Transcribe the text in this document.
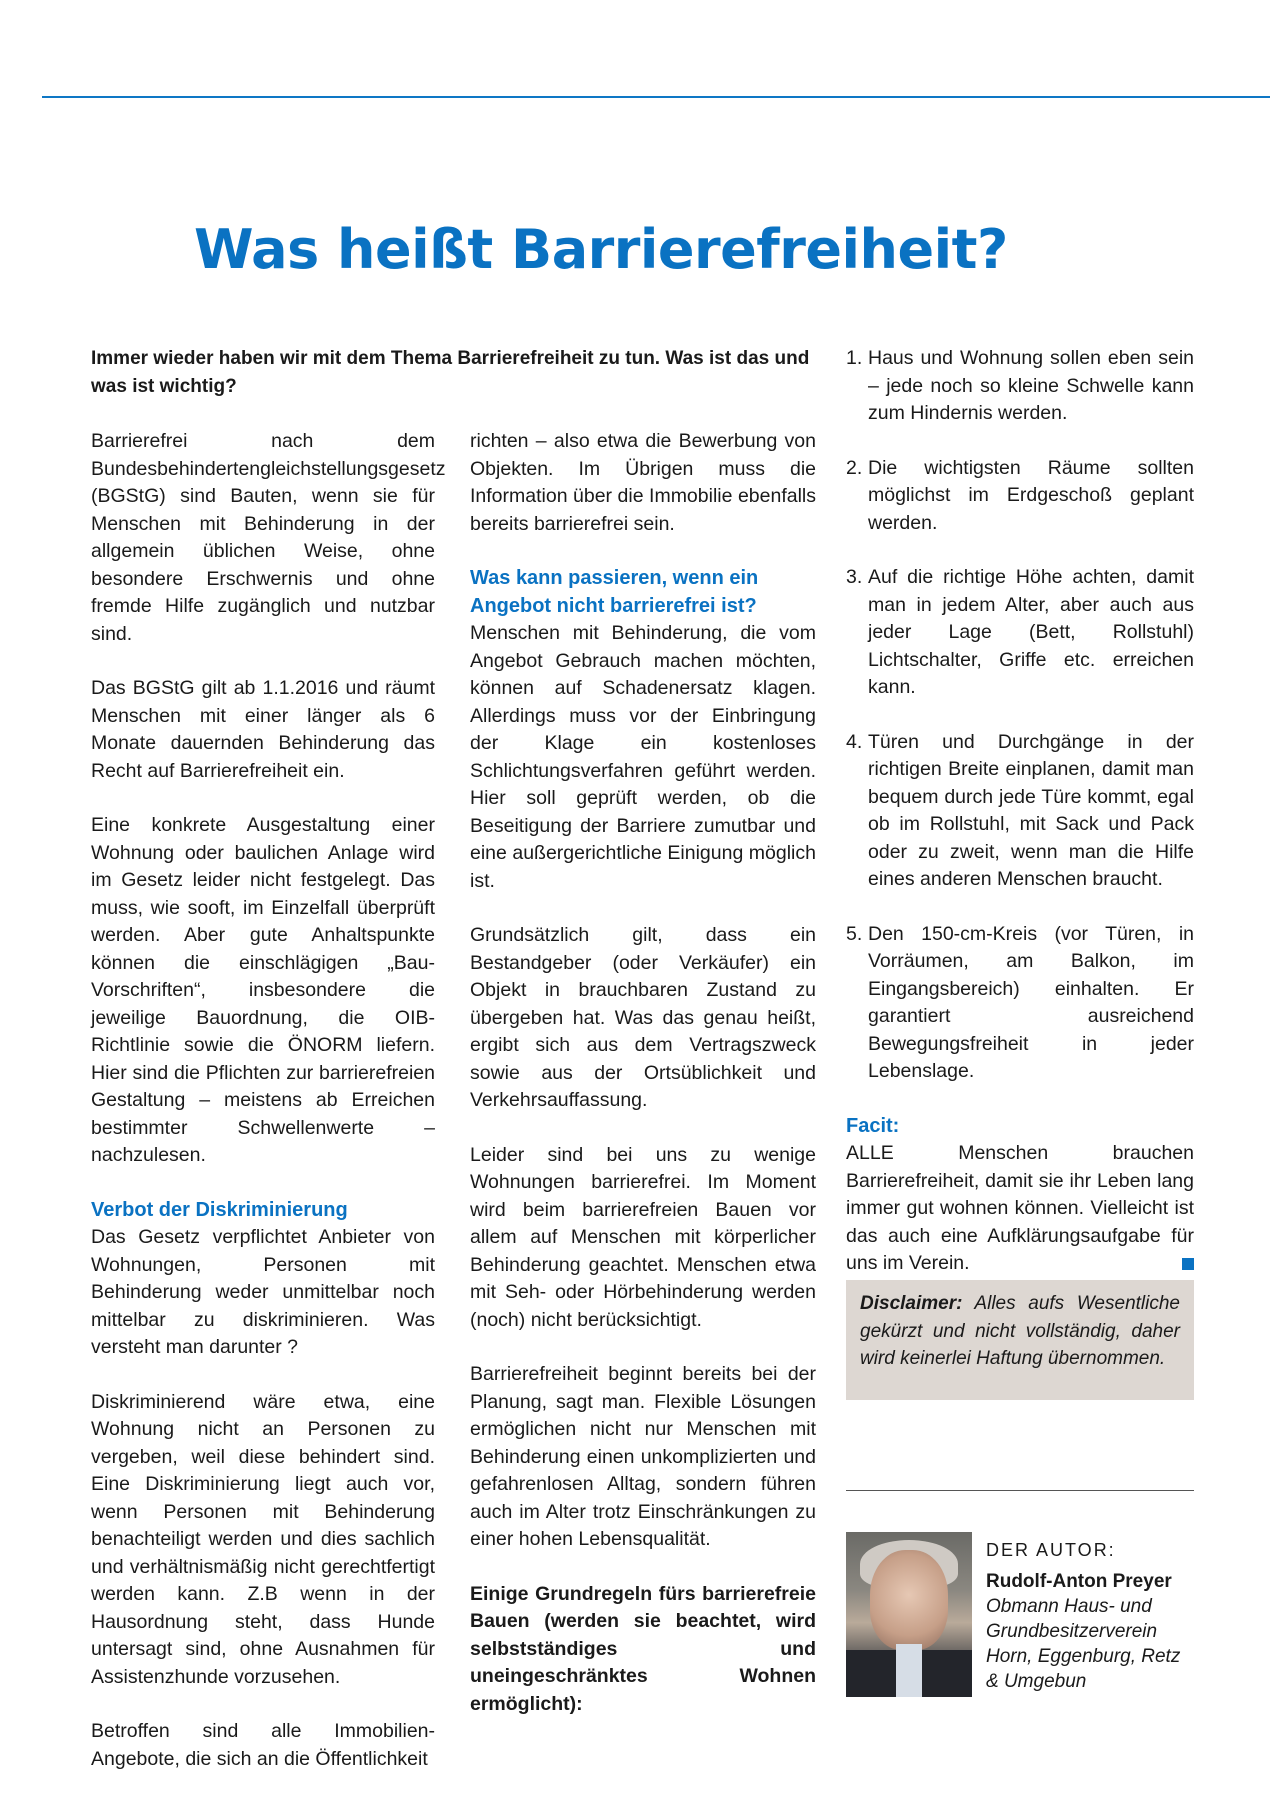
Was heißt Barrierefreiheit?

Immer wieder haben wir mit dem Thema Barrierefreiheit zu tun. Was ist das und was ist wichtig?

Barrierefrei nach dem Bundesbehindertengleichstellungsgesetz (BGStG) sind Bauten, wenn sie für Menschen mit Behinderung in der allgemein üblichen Weise, ohne besondere Erschwernis und ohne fremde Hilfe zugänglich und nutzbar sind.

Das BGStG gilt ab 1.1.2016 und räumt Menschen mit einer länger als 6 Monate dauernden Behinderung das Recht auf Barrierefreiheit ein.

Eine konkrete Ausgestaltung einer Wohnung oder baulichen Anlage wird im Gesetz leider nicht festgelegt. Das muss, wie sooft, im Einzelfall überprüft werden. Aber gute Anhaltspunkte können die einschlägigen „Bau-Vorschriften“, insbesondere die jeweilige Bauordnung, die OIB-Richtlinie sowie die ÖNORM liefern. Hier sind die Pflichten zur barrierefreien Gestaltung – meistens ab Erreichen bestimmter Schwellenwerte – nachzulesen.

Verbot der Diskriminierung

Das Gesetz verpflichtet Anbieter von Wohnungen, Personen mit Behinderung weder unmittelbar noch mittelbar zu diskriminieren. Was versteht man darunter ?

Diskriminierend wäre etwa, eine Wohnung nicht an Personen zu vergeben, weil diese behindert sind. Eine Diskriminierung liegt auch vor, wenn Personen mit Behinderung benachteiligt werden und dies sachlich und verhältnismäßig nicht gerechtfertigt werden kann. Z.B wenn in der Hausordnung steht, dass Hunde untersagt sind, ohne Ausnahmen für Assistenzhunde vorzusehen.

Betroffen sind alle Immobilien-Angebote, die sich an die Öffentlichkeit

richten – also etwa die Bewerbung von Objekten. Im Übrigen muss die Information über die Immobilie ebenfalls bereits barrierefrei sein.

Was kann passieren, wenn ein Angebot nicht barrierefrei ist?

Menschen mit Behinderung, die vom Angebot Gebrauch machen möchten, können auf Schadenersatz klagen. Allerdings muss vor der Einbringung der Klage ein kostenloses Schlichtungsverfahren geführt werden. Hier soll geprüft werden, ob die Beseitigung der Barriere zumutbar und eine außergerichtliche Einigung möglich ist.

Grundsätzlich gilt, dass ein Bestandgeber (oder Verkäufer) ein Objekt in brauchbaren Zustand zu übergeben hat. Was das genau heißt, ergibt sich aus dem Vertragszweck sowie aus der Ortsüblichkeit und Verkehrsauffassung.

Leider sind bei uns zu wenige Wohnungen barrierefrei. Im Moment wird beim barrierefreien Bauen vor allem auf Menschen mit körperlicher Behinderung geachtet. Menschen etwa mit Seh- oder Hörbehinderung werden (noch) nicht berücksichtigt.

Barrierefreiheit beginnt bereits bei der Planung, sagt man. Flexible Lösungen ermöglichen nicht nur Menschen mit Behinderung einen unkomplizierten und gefahrenlosen Alltag, sondern führen auch im Alter trotz Einschränkungen zu einer hohen Lebensqualität.

Einige Grundregeln fürs barrierefreie Bauen (werden sie beachtet, wird selbstständiges und uneingeschränktes Wohnen ermöglicht):

1. Haus und Wohnung sollen eben sein – jede noch so kleine Schwelle kann zum Hindernis werden.
2. Die wichtigsten Räume sollten möglichst im Erdgeschoß geplant werden.
3. Auf die richtige Höhe achten, damit man in jedem Alter, aber auch aus jeder Lage (Bett, Rollstuhl) Lichtschalter, Griffe etc. erreichen kann.
4. Türen und Durchgänge in der richtigen Breite einplanen, damit man bequem durch jede Türe kommt, egal ob im Rollstuhl, mit Sack und Pack oder zu zweit, wenn man die Hilfe eines anderen Menschen braucht.
5. Den 150-cm-Kreis (vor Türen, in Vorräumen, am Balkon, im Eingangsbereich) einhalten. Er garantiert ausreichend Bewegungsfreiheit in jeder Lebenslage.
Facit:

ALLE Menschen brauchen Barrierefreiheit, damit sie ihr Leben lang immer gut wohnen können. Vielleicht ist das auch eine Aufklärungsaufgabe für uns im Verein.

Disclaimer: Alles aufs Wesentliche gekürzt und nicht vollständig, daher wird keinerlei Haftung übernommen.
DER AUTOR:
Rudolf-Anton Preyer
Obmann Haus- und Grundbesitzerverein Horn, Eggenburg, Retz & Umgebun
